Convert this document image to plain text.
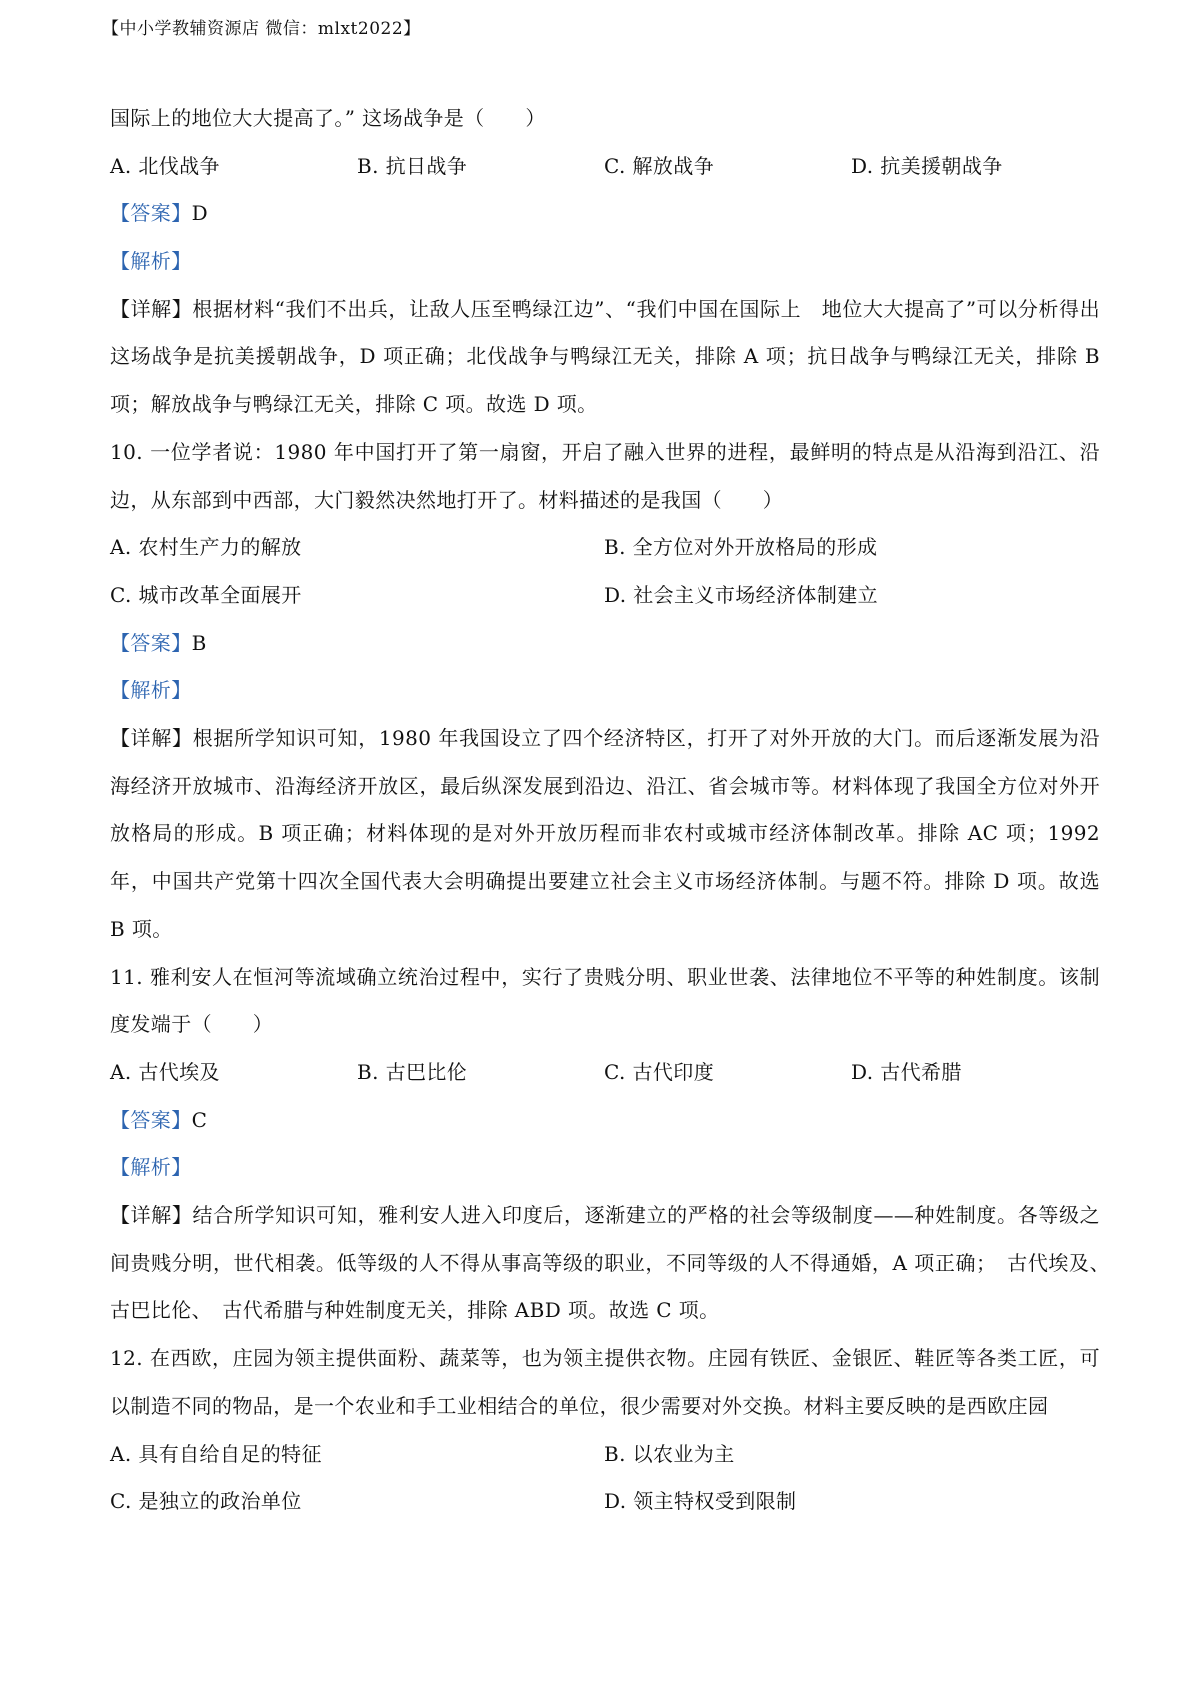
【中小学教辅资源店 微信：mlxt2022】
国际上的地位大大提高了。” 这场战争是（　　）
A. 北伐战争	B. 抗日战争	C. 解放战争	D. 抗美援朝战争
【答案】D
【解析】
【详解】根据材料“我们不出兵，让敌人压至鸭绿江边”、“我们中国在国际上　地位大大提高了”可以分析得出这场战争是抗美援朝战争，D 项正确；北伐战争与鸭绿江无关，排除 A 项；抗日战争与鸭绿江无关，排除 B 项；解放战争与鸭绿江无关，排除 C 项。故选 D 项。
10. 一位学者说：1980 年中国打开了第一扇窗，开启了融入世界的进程，最鲜明的特点是从沿海到沿江、沿边，从东部到中西部，大门毅然决然地打开了。材料描述的是我国（　　）
A. 农村生产力的解放	B. 全方位对外开放格局的形成
C. 城市改革全面展开	D. 社会主义市场经济体制建立
【答案】B
【解析】
【详解】根据所学知识可知，1980 年我国设立了四个经济特区，打开了对外开放的大门。而后逐渐发展为沿海经济开放城市、沿海经济开放区，最后纵深发展到沿边、沿江、省会城市等。材料体现了我国全方位对外开放格局的形成。B 项正确；材料体现的是对外开放历程而非农村或城市经济体制改革。排除 AC 项；1992 年，中国共产党第十四次全国代表大会明确提出要建立社会主义市场经济体制。与题不符。排除 D 项。故选 B 项。
11. 雅利安人在恒河等流域确立统治过程中，实行了贵贱分明、职业世袭、法律地位不平等的种姓制度。该制度发端于（　　）
A. 古代埃及	B. 古巴比伦	C. 古代印度	D. 古代希腊
【答案】C
【解析】
【详解】结合所学知识可知，雅利安人进入印度后，逐渐建立的严格的社会等级制度——种姓制度。各等级之间贵贱分明，世代相袭。低等级的人不得从事高等级的职业，不同等级的人不得通婚，A 项正确；　古代埃及、　古巴比伦、　古代希腊与种姓制度无关，排除 ABD 项。故选 C 项。
12. 在西欧，庄园为领主提供面粉、蔬菜等，也为领主提供衣物。庄园有铁匠、金银匠、鞋匠等各类工匠，可以制造不同的物品，是一个农业和手工业相结合的单位，很少需要对外交换。材料主要反映的是西欧庄园
A. 具有自给自足的特征	B. 以农业为主
C. 是独立的政治单位	D. 领主特权受到限制
